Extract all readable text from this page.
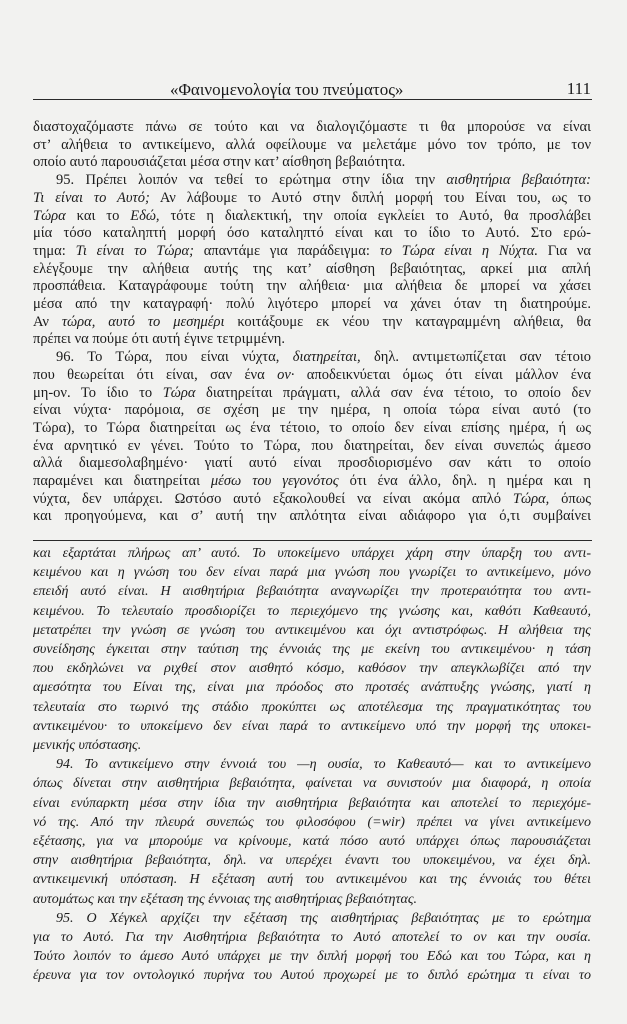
«Φαινομενολογία του πνεύματος»	111
διαστοχαζόμαστε πάνω σε τούτο και να διαλογιζόμαστε τι θα μπορούσε να είναι
στ’ αλήθεια το αντικείμενο, αλλά οφείλουμε να μελετάμε μόνο τον τρόπο, με τον
οποίο αυτό παρουσιάζεται μέσα στην κατ’ αίσθηση βεβαιότητα.
95. Πρέπει λοιπόν να τεθεί το ερώτημα στην ίδια την αισθητήρια βεβαιότητα:
Τι είναι το Αυτό; Αν λάβουμε το Αυτό στην διπλή μορφή του Είναι του, ως το
Τώρα και το Εδώ, τότε η διαλεκτική, την οποία εγκλείει το Αυτό, θα προσλάβει
μία τόσο καταληπτή μορφή όσο καταληπτό είναι και το ίδιο το Αυτό. Στο ερώ-
τημα: Τι είναι το Τώρα; απαντάμε για παράδειγμα: το Τώρα είναι η Νύχτα. Για να
ελέγξουμε την αλήθεια αυτής της κατ’ αίσθηση βεβαιότητας, αρκεί μια απλή
προσπάθεια. Καταγράφουμε τούτη την αλήθεια· μια αλήθεια δε μπορεί να χάσει
μέσα από την καταγραφή· πολύ λιγότερο μπορεί να χάνει όταν τη διατηρούμε.
Αν τώρα, αυτό το μεσημέρι κοιτάξουμε εκ νέου την καταγραμμένη αλήθεια, θα
πρέπει να πούμε ότι αυτή έγινε τετριμμένη.
96. Το Τώρα, που είναι νύχτα, διατηρείται, δηλ. αντιμετωπίζεται σαν τέτοιο
που θεωρείται ότι είναι, σαν ένα ον· αποδεικνύεται όμως ότι είναι μάλλον ένα
μη-ον. Το ίδιο το Τώρα διατηρείται πράγματι, αλλά σαν ένα τέτοιο, το οποίο δεν
είναι νύχτα· παρόμοια, σε σχέση με την ημέρα, η οποία τώρα είναι αυτό (το
Τώρα), το Τώρα διατηρείται ως ένα τέτοιο, το οποίο δεν είναι επίσης ημέρα, ή ως
ένα αρνητικό εν γένει. Τούτο το Τώρα, που διατηρείται, δεν είναι συνεπώς άμεσο
αλλά διαμεσολαβημένο· γιατί αυτό είναι προσδιορισμένο σαν κάτι το οποίο
παραμένει και διατηρείται μέσω του γεγονότος ότι ένα άλλο, δηλ. η ημέρα και η
νύχτα, δεν υπάρχει. Ωστόσο αυτό εξακολουθεί να είναι ακόμα απλό Τώρα, όπως
και προηγούμενα, και σ’ αυτή την απλότητα είναι αδιάφορο για ό,τι συμβαίνει
και εξαρτάται πλήρως απ’ αυτό. Το υποκείμενο υπάρχει χάρη στην ύπαρξη του αντι-
κειμένου και η γνώση του δεν είναι παρά μια γνώση που γνωρίζει το αντικείμενο, μόνο
επειδή αυτό είναι. Η αισθητήρια βεβαιότητα αναγνωρίζει την προτεραιότητα του αντι-
κειμένου. Το τελευταίο προσδιορίζει το περιεχόμενο της γνώσης και, καθότι Καθεαυτό,
μετατρέπει την γνώση σε γνώση του αντικειμένου και όχι αντιστρόφως. Η αλήθεια της
συνείδησης έγκειται στην ταύτιση της έννοιάς της με εκείνη του αντικειμένου· η τάση
που εκδηλώνει να ριχθεί στον αισθητό κόσμο, καθόσον την απεγκλωβίζει από την
αμεσότητα του Είναι της, είναι μια πρόοδος στο προτσές ανάπτυξης γνώσης, γιατί η
τελευταία στο τωρινό της στάδιο προκύπτει ως αποτέλεσμα της πραγματικότητας του
αντικειμένου· το υποκείμενο δεν είναι παρά το αντικείμενο υπό την μορφή της υποκει-
μενικής υπόστασης.
94. Το αντικείμενο στην έννοιά του —η ουσία, το Καθεαυτό— και το αντικείμενο
όπως δίνεται στην αισθητήρια βεβαιότητα, φαίνεται να συνιστούν μια διαφορά, η οποία
είναι ενύπαρκτη μέσα στην ίδια την αισθητήρια βεβαιότητα και αποτελεί το περιεχόμε-
νό της. Από την πλευρά συνεπώς του φιλοσόφου (=wir) πρέπει να γίνει αντικείμενο
εξέτασης, για να μπορούμε να κρίνουμε, κατά πόσο αυτό υπάρχει όπως παρουσιάζεται
στην αισθητήρια βεβαιότητα, δηλ. να υπερέχει έναντι του υποκειμένου, να έχει δηλ.
αντικειμενική υπόσταση. Η εξέταση αυτή του αντικειμένου και της έννοιάς του θέτει
αυτομάτως και την εξέταση της έννοιας της αισθητήριας βεβαιότητας.
95. Ο Χέγκελ αρχίζει την εξέταση της αισθητήριας βεβαιότητας με το ερώτημα
για το Αυτό. Για την Αισθητήρια βεβαιότητα το Αυτό αποτελεί το ον και την ουσία.
Τούτο λοιπόν το άμεσο Αυτό υπάρχει με την διπλή μορφή του Εδώ και του Τώρα, και η
έρευνα για τον οντολογικό πυρήνα του Αυτού προχωρεί με το διπλό ερώτημα τι είναι το
